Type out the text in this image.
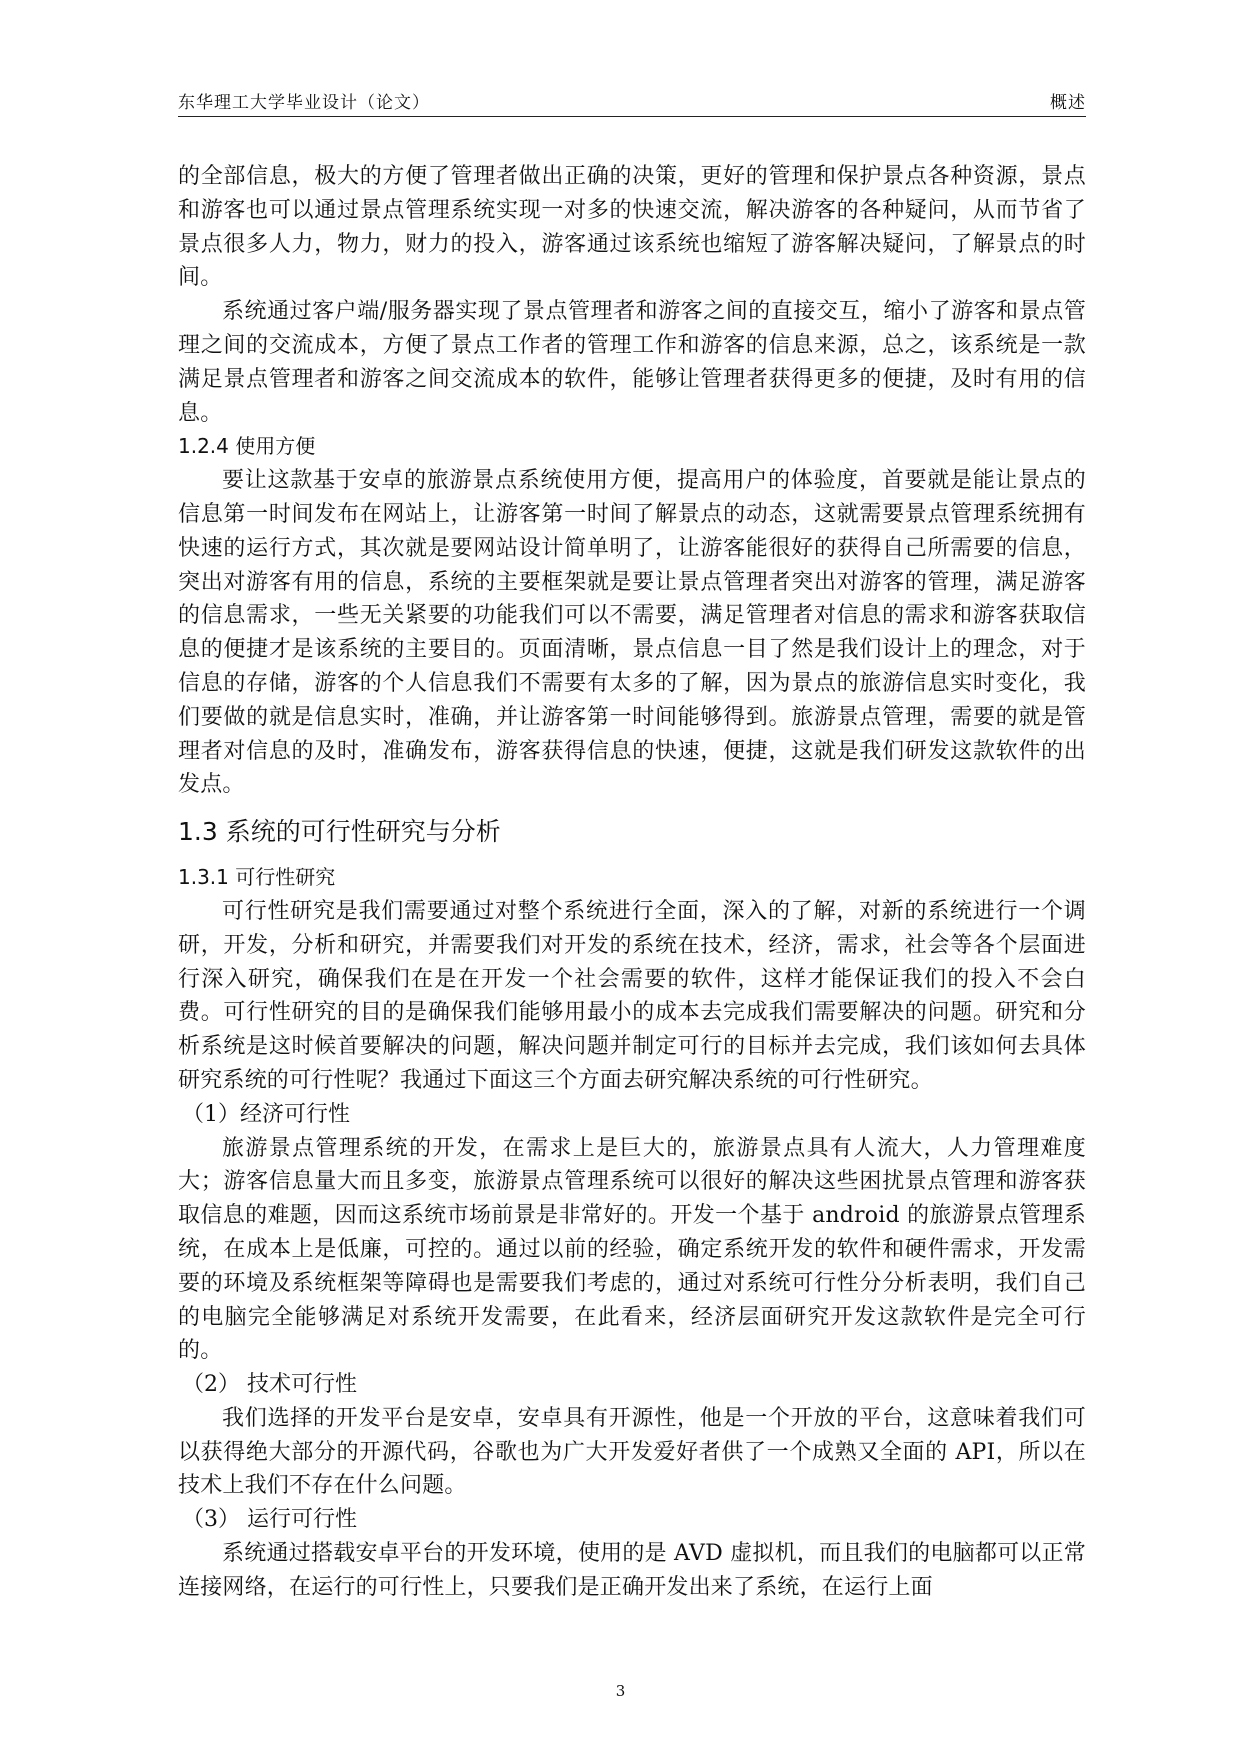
东华理工大学毕业设计（论文）	概述

的全部信息，极大的方便了管理者做出正确的决策，更好的管理和保护景点各种资源，景点和游客也可以通过景点管理系统实现一对多的快速交流，解决游客的各种疑问，从而节省了景点很多人力，物力，财力的投入，游客通过该系统也缩短了游客解决疑问，了解景点的时间。

系统通过客户端/服务器实现了景点管理者和游客之间的直接交互，缩小了游客和景点管理之间的交流成本，方便了景点工作者的管理工作和游客的信息来源，总之，该系统是一款满足景点管理者和游客之间交流成本的软件，能够让管理者获得更多的便捷，及时有用的信息。

1.2.4 使用方便

要让这款基于安卓的旅游景点系统使用方便，提高用户的体验度，首要就是能让景点的信息第一时间发布在网站上，让游客第一时间了解景点的动态，这就需要景点管理系统拥有快速的运行方式，其次就是要网站设计简单明了，让游客能很好的获得自己所需要的信息，突出对游客有用的信息，系统的主要框架就是要让景点管理者突出对游客的管理，满足游客的信息需求，一些无关紧要的功能我们可以不需要，满足管理者对信息的需求和游客获取信息的便捷才是该系统的主要目的。页面清晰，景点信息一目了然是我们设计上的理念，对于信息的存储，游客的个人信息我们不需要有太多的了解，因为景点的旅游信息实时变化，我们要做的就是信息实时，准确，并让游客第一时间能够得到。旅游景点管理，需要的就是管理者对信息的及时，准确发布，游客获得信息的快速，便捷，这就是我们研发这款软件的出发点。

1.3 系统的可行性研究与分析

1.3.1 可行性研究

可行性研究是我们需要通过对整个系统进行全面，深入的了解，对新的系统进行一个调研，开发，分析和研究，并需要我们对开发的系统在技术，经济，需求，社会等各个层面进行深入研究，确保我们在是在开发一个社会需要的软件，这样才能保证我们的投入不会白费。可行性研究的目的是确保我们能够用最小的成本去完成我们需要解决的问题。研究和分析系统是这时候首要解决的问题，解决问题并制定可行的目标并去完成，我们该如何去具体研究系统的可行性呢？我通过下面这三个方面去研究解决系统的可行性研究。

（1）经济可行性

旅游景点管理系统的开发，在需求上是巨大的，旅游景点具有人流大，人力管理难度大；游客信息量大而且多变，旅游景点管理系统可以很好的解决这些困扰景点管理和游客获取信息的难题，因而这系统市场前景是非常好的。开发一个基于 android 的旅游景点管理系统，在成本上是低廉，可控的。通过以前的经验，确定系统开发的软件和硬件需求，开发需要的环境及系统框架等障碍也是需要我们考虑的，通过对系统可行性分分析表明，我们自己的电脑完全能够满足对系统开发需要，在此看来，经济层面研究开发这款软件是完全可行的。

（2） 技术可行性

我们选择的开发平台是安卓，安卓具有开源性，他是一个开放的平台，这意味着我们可以获得绝大部分的开源代码，谷歌也为广大开发爱好者供了一个成熟又全面的 API，所以在技术上我们不存在什么问题。

（3） 运行可行性

系统通过搭载安卓平台的开发环境，使用的是 AVD 虚拟机，而且我们的电脑都可以正常连接网络，在运行的可行性上，只要我们是正确开发出来了系统，在运行上面

3
